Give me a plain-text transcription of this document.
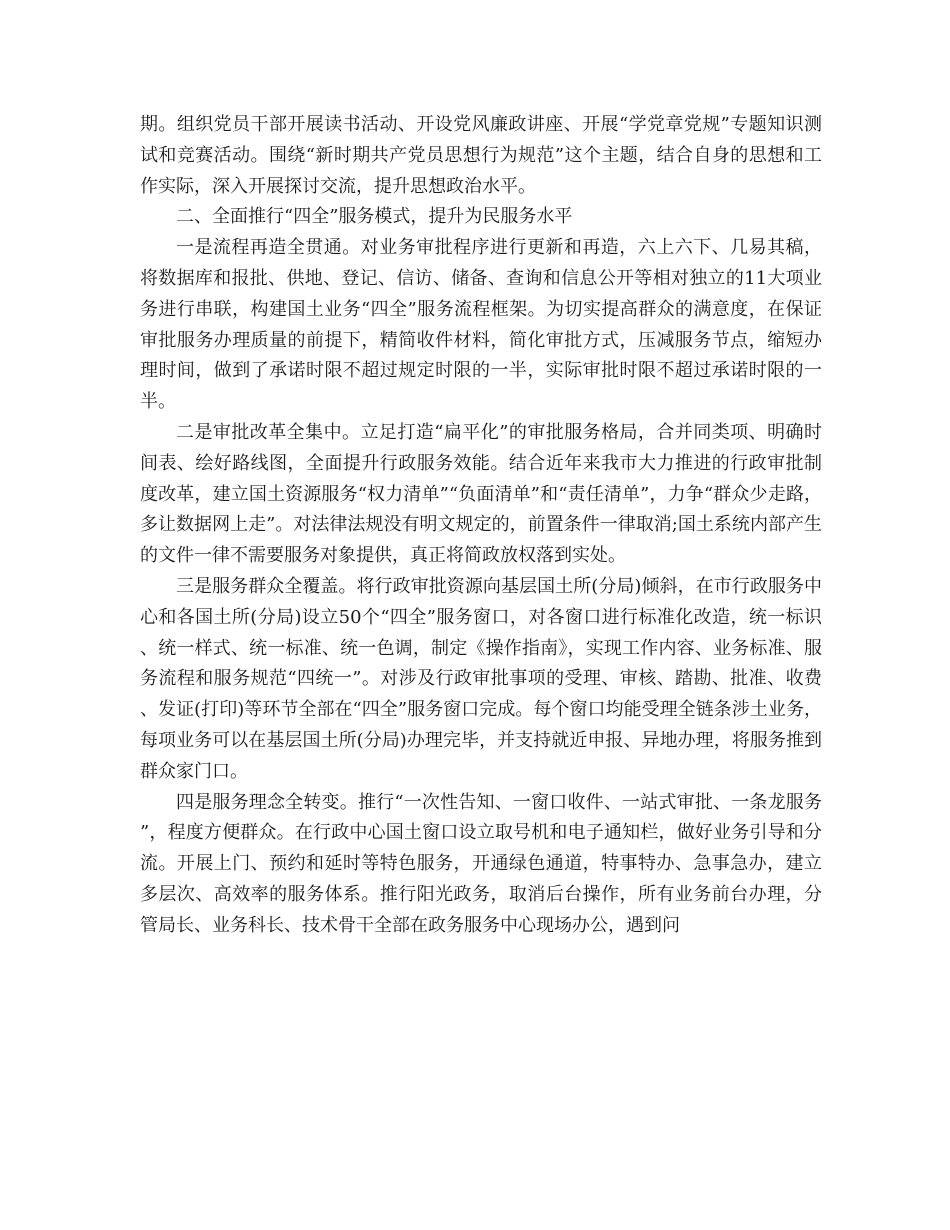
期。组织党员干部开展读书活动、开设党风廉政讲座、开展“学党章党规”专题知识测试和竞赛活动。围绕“新时期共产党员思想行为规范”这个主题，结合自身的思想和工作实际，深入开展探讨交流，提升思想政治水平。

二、全面推行“四全”服务模式，提升为民服务水平

一是流程再造全贯通。对业务审批程序进行更新和再造，六上六下、几易其稿，将数据库和报批、供地、登记、信访、储备、查询和信息公开等相对独立的11大项业务进行串联，构建国土业务“四全”服务流程框架。为切实提高群众的满意度，在保证审批服务办理质量的前提下，精简收件材料，简化审批方式，压减服务节点，缩短办理时间，做到了承诺时限不超过规定时限的一半，实际审批时限不超过承诺时限的一半。

二是审批改革全集中。立足打造“扁平化”的审批服务格局，合并同类项、明确时间表、绘好路线图，全面提升行政服务效能。结合近年来我市大力推进的行政审批制度改革，建立国土资源服务“权力清单”“负面清单”和“责任清单”，力争“群众少走路，多让数据网上走”。对法律法规没有明文规定的，前置条件一律取消;国土系统内部产生的文件一律不需要服务对象提供，真正将简政放权落到实处。

三是服务群众全覆盖。将行政审批资源向基层国土所(分局)倾斜，在市行政服务中心和各国土所(分局)设立50个“四全”服务窗口，对各窗口进行标准化改造，统一标识、统一样式、统一标准、统一色调，制定《操作指南》，实现工作内容、业务标准、服务流程和服务规范“四统一”。对涉及行政审批事项的受理、审核、踏勘、批准、收费、发证(打印)等环节全部在“四全”服务窗口完成。每个窗口均能受理全链条涉土业务，每项业务可以在基层国土所(分局)办理完毕，并支持就近申报、异地办理，将服务推到群众家门口。

四是服务理念全转变。推行“一次性告知、一窗口收件、一站式审批、一条龙服务”，程度方便群众。在行政中心国土窗口设立取号机和电子通知栏，做好业务引导和分流。开展上门、预约和延时等特色服务，开通绿色通道，特事特办、急事急办，建立多层次、高效率的服务体系。推行阳光政务，取消后台操作，所有业务前台办理，分管局长、业务科长、技术骨干全部在政务服务中心现场办公，遇到问
